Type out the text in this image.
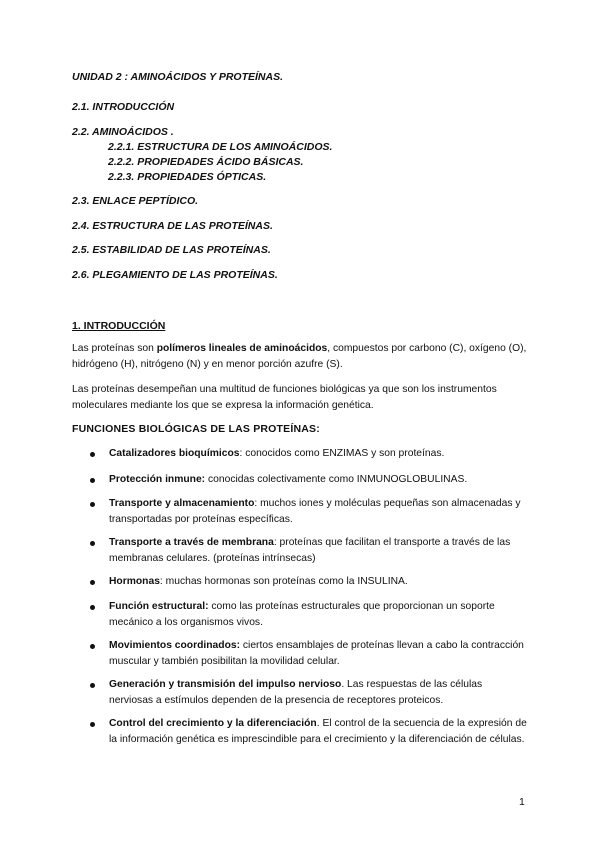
UNIDAD 2 : AMINOÁCIDOS Y PROTEÍNAS.
2.1. INTRODUCCIÓN
2.2. AMINOÁCIDOS .
2.2.1. ESTRUCTURA DE LOS AMINOÁCIDOS.
2.2.2. PROPIEDADES ÁCIDO BÁSICAS.
2.2.3. PROPIEDADES ÓPTICAS.
2.3. ENLACE PEPTÍDICO.
2.4. ESTRUCTURA DE LAS PROTEÍNAS.
2.5. ESTABILIDAD DE LAS PROTEÍNAS.
2.6. PLEGAMIENTO DE LAS PROTEÍNAS.
1. INTRODUCCIÓN
Las proteínas son polímeros lineales de aminoácidos, compuestos por carbono (C), oxígeno (O), hidrógeno (H), nitrógeno (N) y en menor porción azufre (S).
Las proteínas desempeñan una multitud de funciones biológicas ya que son los instrumentos moleculares mediante los que se expresa la información genética.
FUNCIONES BIOLÓGICAS DE LAS PROTEÍNAS:
Catalizadores bioquímicos: conocidos como ENZIMAS y son proteínas.
Protección inmune: conocidas colectivamente como INMUNOGLOBULINAS.
Transporte y almacenamiento: muchos iones y moléculas pequeñas son almacenadas y transportadas por proteínas específicas.
Transporte a través de membrana: proteínas que facilitan el transporte a través de las membranas celulares. (proteínas intrínsecas)
Hormonas: muchas hormonas son proteínas como la INSULINA.
Función estructural: como las proteínas estructurales que proporcionan un soporte mecánico a los organismos vivos.
Movimientos coordinados: ciertos ensamblajes de proteínas llevan a cabo la contracción muscular y también posibilitan la movilidad celular.
Generación y transmisión del impulso nervioso. Las respuestas de las células nerviosas a estímulos dependen de la presencia de receptores proteicos.
Control del crecimiento y la diferenciación. El control de la secuencia de la expresión de la información genética es imprescindible para el crecimiento y la diferenciación de células.
1
